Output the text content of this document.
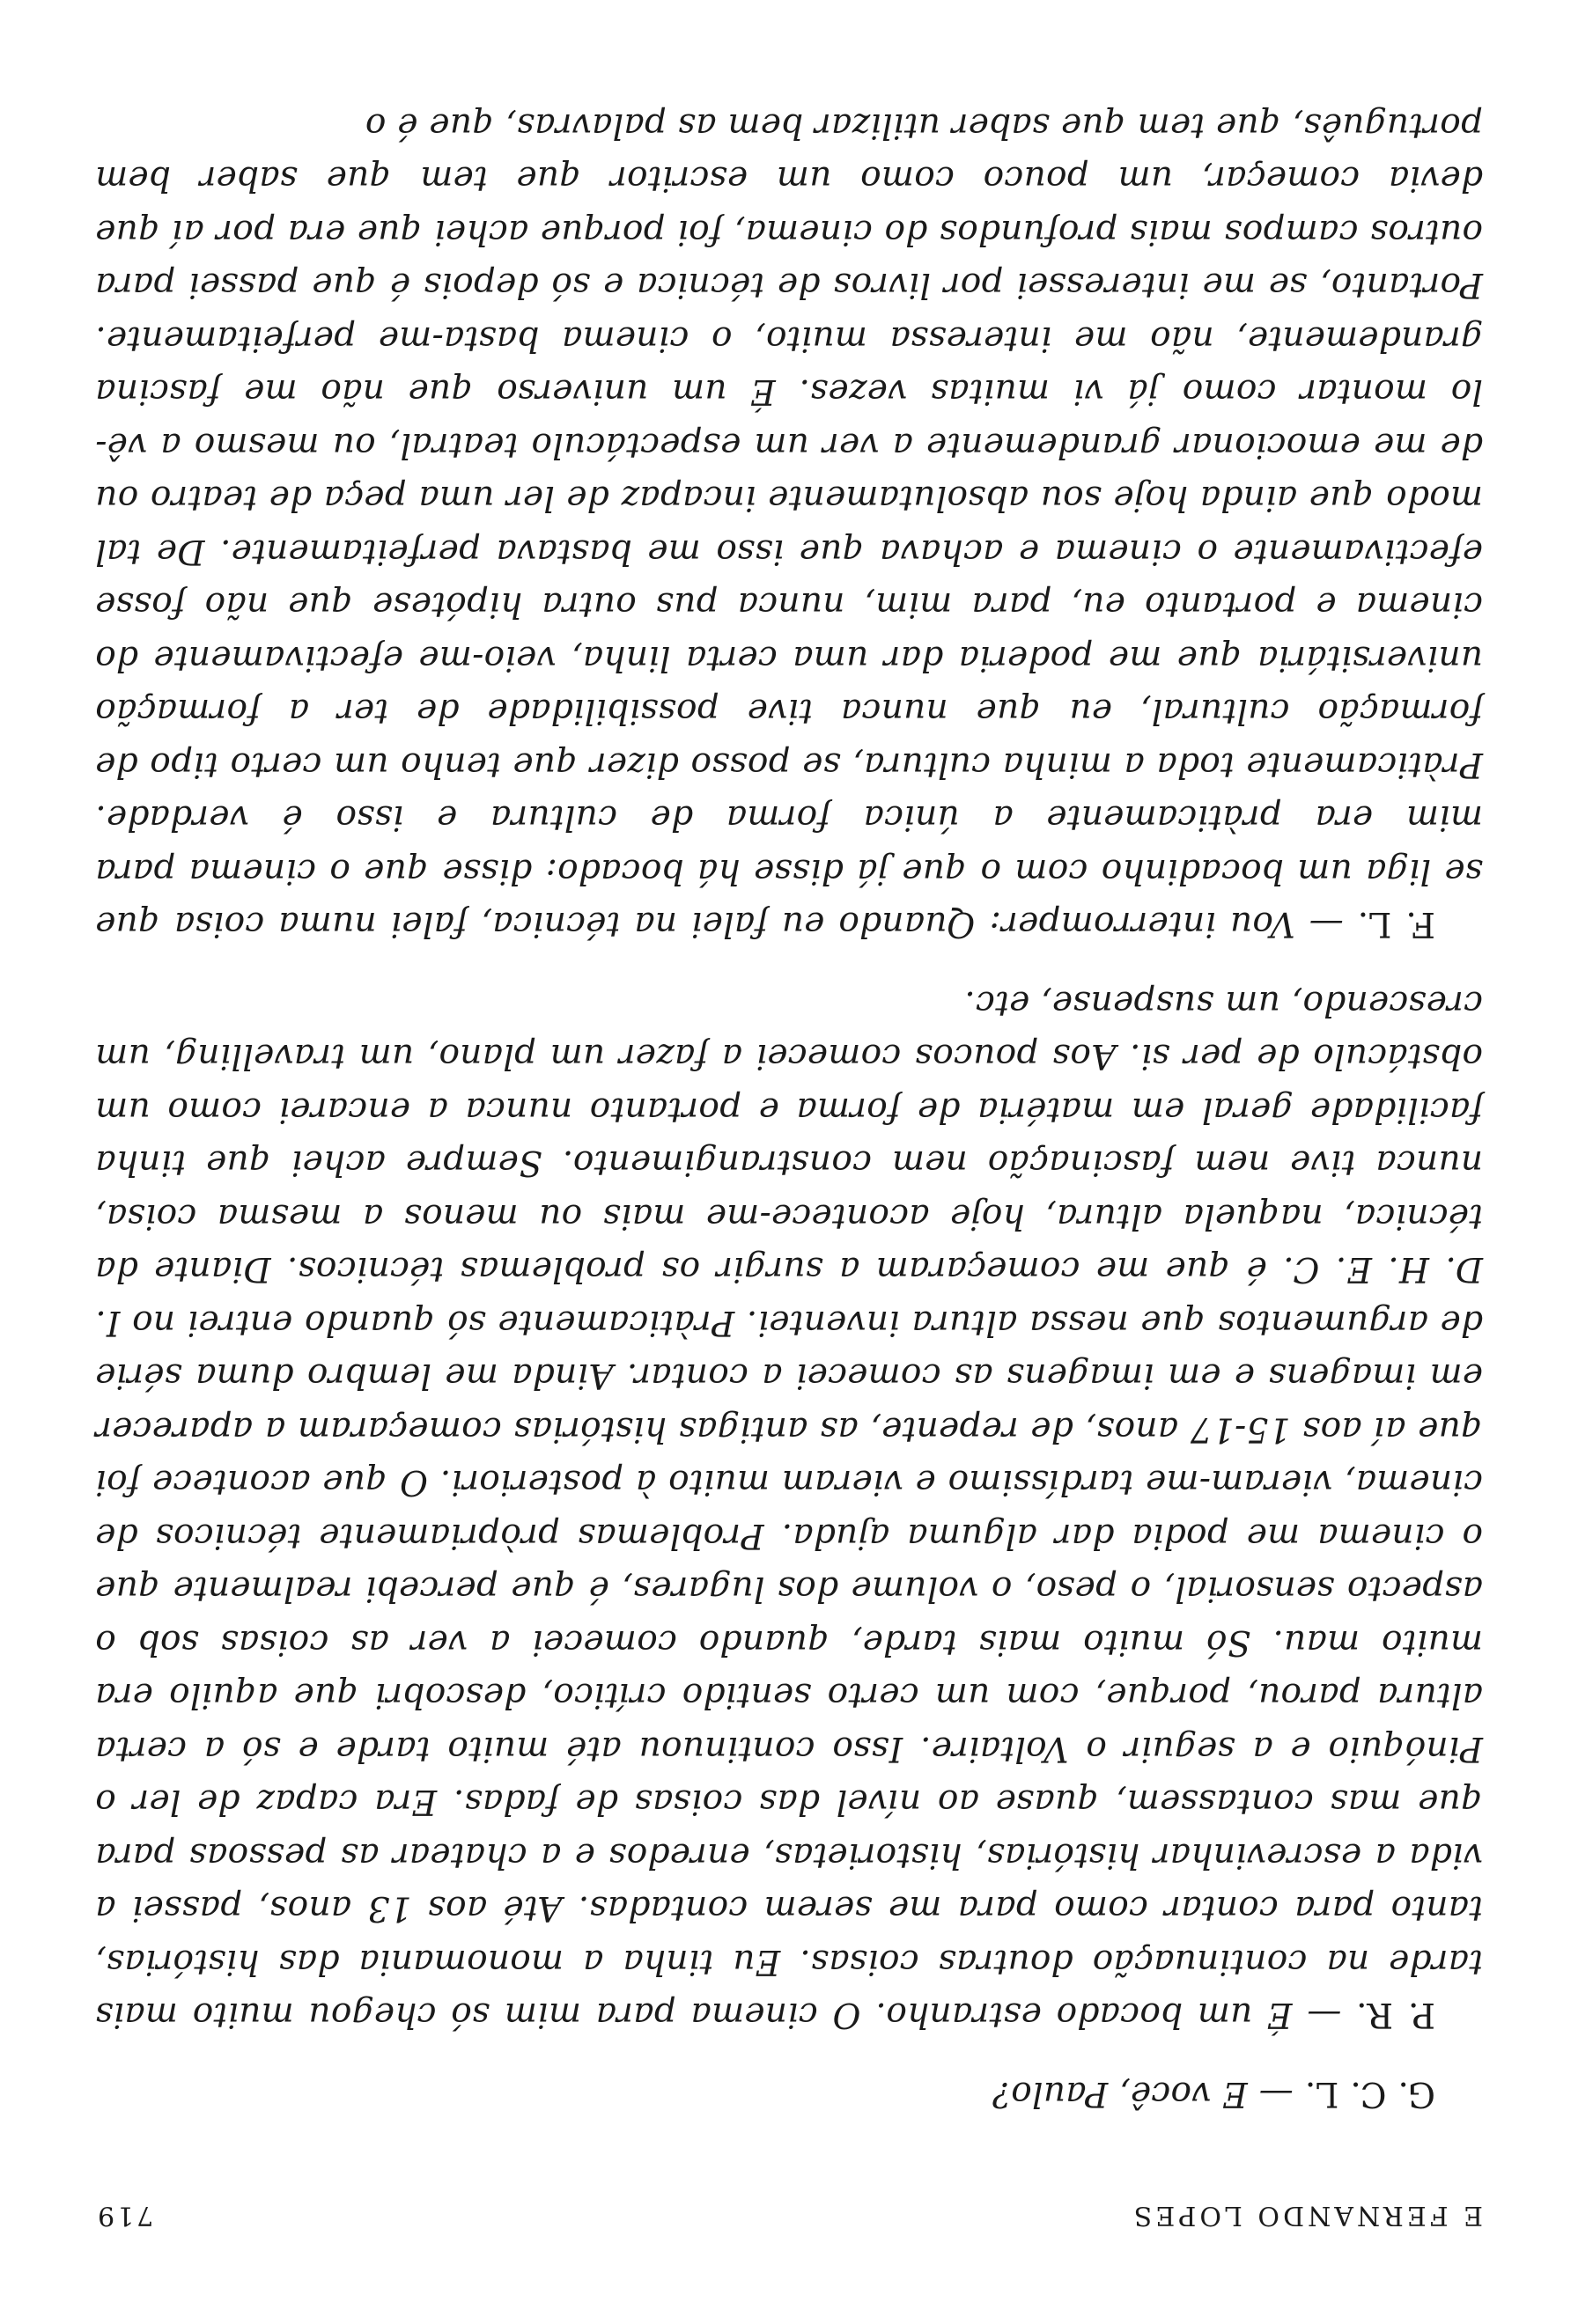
E FERNANDO LOPES
719

G. C. L. — E você, Paulo?

P. R. — É um bocado estranho. O cinema para mim só chegou muito mais tarde na continuação doutras coisas. Eu tinha a monomania das histórias, tanto para contar como para me serem contadas. Até aos 13 anos, passei a vida a escrevinhar histórias, historietas, enredos e a chatear as pessoas para que mas contassem, quase ao nível das coisas de fadas. Era capaz de ler o Pinóquio e a seguir o Voltaire. Isso continuou até muito tarde e só a certa altura parou, porque, com um certo sentido crítico, descobri que aquilo era muito mau. Só muito mais tarde, quando comecei a ver as coisas sob o aspecto sensorial, o peso, o volume dos lugares, é que percebi realmente que o cinema me podia dar alguma ajuda. Problemas pròpriamente técnicos de cinema, vieram-me tardíssimo e vieram muito à posteriori. O que acontece foi que aí aos 15-17 anos, de repente, as antigas histórias começaram a aparecer em imagens e em imagens as comecei a contar. Ainda me lembro duma série de argumentos que nessa altura inventei. Pràticamente só quando entrei no I. D. H. E. C. é que me começaram a surgir os problemas técnicos. Diante da técnica, naquela altura, hoje acontece-me mais ou menos a mesma coisa, nunca tive nem fascinação nem constrangimento. Sempre achei que tinha facilidade geral em matéria de forma e portanto nunca a encarei como um obstáculo de per si. Aos poucos comecei a fazer um plano, um travelling, um crescendo, um suspense, etc.

F. L. — Vou interromper: Quando eu falei na técnica, falei numa coisa que se liga um bocadinho com o que já disse há bocado: disse que o cinema para mim era pràticamente a única forma de cultura e isso é verdade. Pràticamente toda a minha cultura, se posso dizer que tenho um certo tipo de formação cultural, eu que nunca tive possibilidade de ter a formação universitária que me poderia dar uma certa linha, veio-me efectivamente do cinema e portanto eu, para mim, nunca pus outra hipótese que não fosse efectivamente o cinema e achava que isso me bastava perfeitamente. De tal modo que ainda hoje sou absolutamente incapaz de ler uma peça de teatro ou de me emocionar grandemente a ver um espectáculo teatral, ou mesmo a vê-lo montar como já vi muitas vezes. É um universo que não me fascina grandemente, não me interessa muito, o cinema basta-me perfeitamente. Portanto, se me interessei por livros de técnica e só depois é que passei para outros campos mais profundos do cinema, foi porque achei que era por aí que devia começar, um pouco como um escritor que tem que saber bem português, que tem que saber utilizar bem as palavras, que é o
